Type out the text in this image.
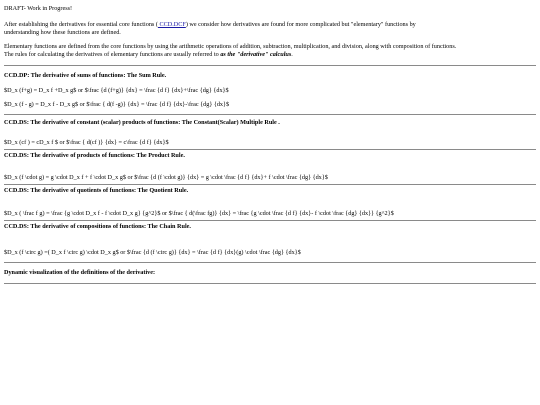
DRAFT- Work in Progress!

After establishing the derivatives for essential core functions ( CCD.DCF) we consider how derivatives are found for more complicated but "elementary" functions by understanding how these functions are defined.

Elementary functions are defined from the core functions by using the arithmetic operations of addition, subtraction, multiplication, and division, along with composition of functions.

The rules for calculating the derivatives of elementary functions are usually referred to as the "derivative" calculus.

CCD.DP: The derivative of sums of functions: The Sum Rule.

$D_x (f+g) = D_x f +D_x g$ or $\frac {d (f+g)} {dx} = \frac {d f} {dx}+\frac {dg} {dx}$

$D_x (f - g) = D_x f - D_x g$ or $\frac { d(f -g)} {dx} = \frac {d f} {dx}-\frac {dg} {dx}$

CCD.DS: The derivative of constant (scalar) products of functions: The Constant(Scalar) Multiple Rule .

$D_x (cf ) = cD_x f $ or $\frac { d(cf )} {dx} = c\frac {d f} {dx}$

CCD.DS: The derivative of products of functions: The Product Rule.

$D_x (f \cdot g) = g \cdot D_x f + f \cdot D_x g$ or $\frac {d (f \cdot g)} {dx} = g \cdot \frac {d f} {dx}+ f \cdot \frac {dg} {dx}$

CCD.DS: The derivative of quotients of functions: The Quotient Rule.

$D_x ( \frac f g) = \frac {g \cdot D_x f - f \cdot D_x g} {g^2}$ or $\frac { d(\frac fg)} {dx} = \frac {g \cdot \frac {d f} {dx}- f \cdot \frac {dg} {dx}} {g^2}$

CCD.DS: The derivative of compositions of functions: The Chain Rule.

$D_x (f \circ g) =( D_x f \circ g) \cdot D_x g$ or $\frac {d (f \circ g)} {dx} = \frac {d f} {dx}(g) \cdot \frac {dg} {dx}$

Dynamic visualization of the definitions of the derivative:
